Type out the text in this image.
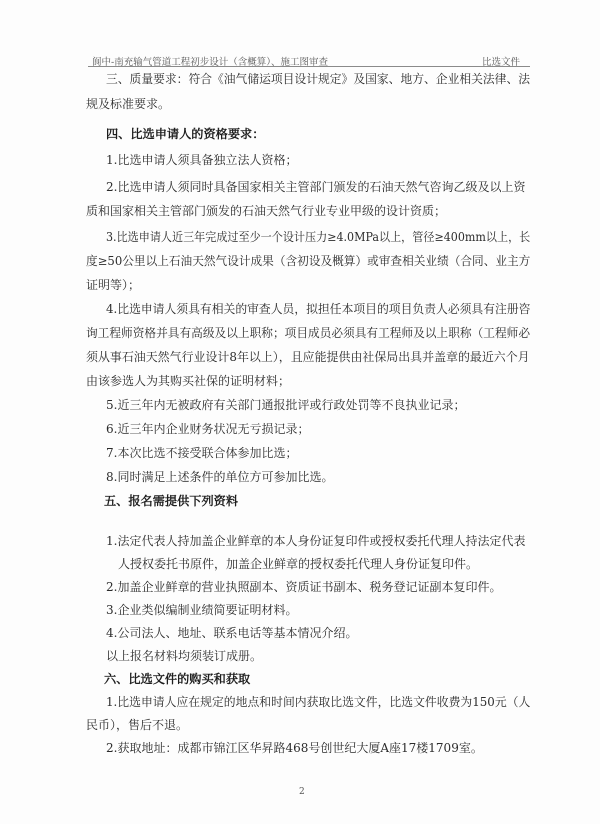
阆中-南充输气管道工程初步设计（含概算）、施工图审查	比选文件
三、质量要求：符合《油气储运项目设计规定》及国家、地方、企业相关法律、法
规及标准要求。
四、比选申请人的资格要求：
1.比选申请人须具备独立法人资格；
2.比选申请人须同时具备国家相关主管部门颁发的石油天然气咨询乙级及以上资
质和国家相关主管部门颁发的石油天然气行业专业甲级的设计资质；
3.比选申请人近三年完成过至少一个设计压力≥4.0MPa以上，管径≥400mm以上，长
度≥50公里以上石油天然气设计成果（含初设及概算）或审查相关业绩（合同、业主方
证明等）；
4.比选申请人须具有相关的审查人员，拟担任本项目的项目负责人必须具有注册咨
询工程师资格并具有高级及以上职称；项目成员必须具有工程师及以上职称（工程师必
须从事石油天然气行业设计8年以上），且应能提供由社保局出具并盖章的最近六个月
由该参选人为其购买社保的证明材料；
5.近三年内无被政府有关部门通报批评或行政处罚等不良执业记录；
6.近三年内企业财务状况无亏损记录；
7.本次比选不接受联合体参加比选；
8.同时满足上述条件的单位方可参加比选。
五、报名需提供下列资料
1.法定代表人持加盖企业鲜章的本人身份证复印件或授权委托代理人持法定代表
人授权委托书原件，加盖企业鲜章的授权委托代理人身份证复印件。
2.加盖企业鲜章的营业执照副本、资质证书副本、税务登记证副本复印件。
3.企业类似编制业绩简要证明材料。
4.公司法人、地址、联系电话等基本情况介绍。
以上报名材料均须装订成册。
六、比选文件的购买和获取
1.比选申请人应在规定的地点和时间内获取比选文件，比选文件收费为150元（人
民币），售后不退。
2.获取地址：成都市锦江区华昇路468号创世纪大厦A座17楼1709室。
2
